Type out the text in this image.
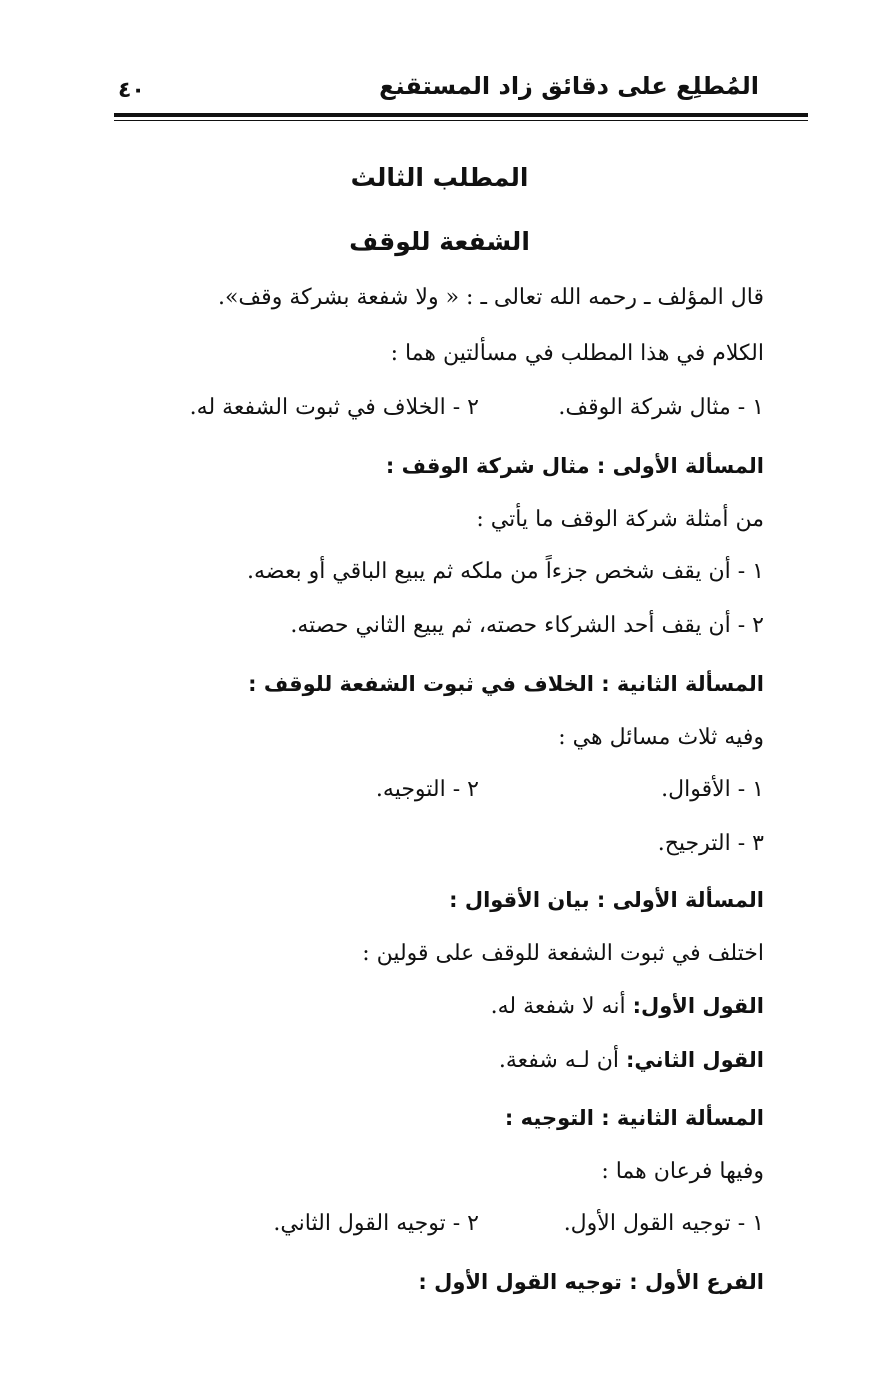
المُطلِع على دقائق زاد المستقنع
٤٠
المطلب الثالث
الشفعة للوقف
قال المؤلف ـ رحمه الله تعالى ـ : « ولا شفعة بشركة وقف».
الكلام في هذا المطلب في مسألتين هما :
١ - مثال شركة الوقف.
٢ - الخلاف في ثبوت الشفعة له.
المسألة الأولى : مثال شركة الوقف :
من أمثلة شركة الوقف ما يأتي :
١ - أن يقف شخص جزءاً من ملكه ثم يبيع الباقي أو بعضه.
٢ - أن يقف أحد الشركاء حصته، ثم يبيع الثاني حصته.
المسألة الثانية : الخلاف في ثبوت الشفعة للوقف :
وفيه ثلاث مسائل هي :
١ - الأقوال.
٢ - التوجيه.
٣ - الترجيح.
المسألة الأولى : بيان الأقوال :
اختلف في ثبوت الشفعة للوقف على قولين :
القول الأول: أنه لا شفعة له.
القول الثاني: أن لـه شفعة.
المسألة الثانية : التوجيه :
وفيها فرعان هما :
١ - توجيه القول الأول.
٢ - توجيه القول الثاني.
الفرع الأول : توجيه القول الأول :
